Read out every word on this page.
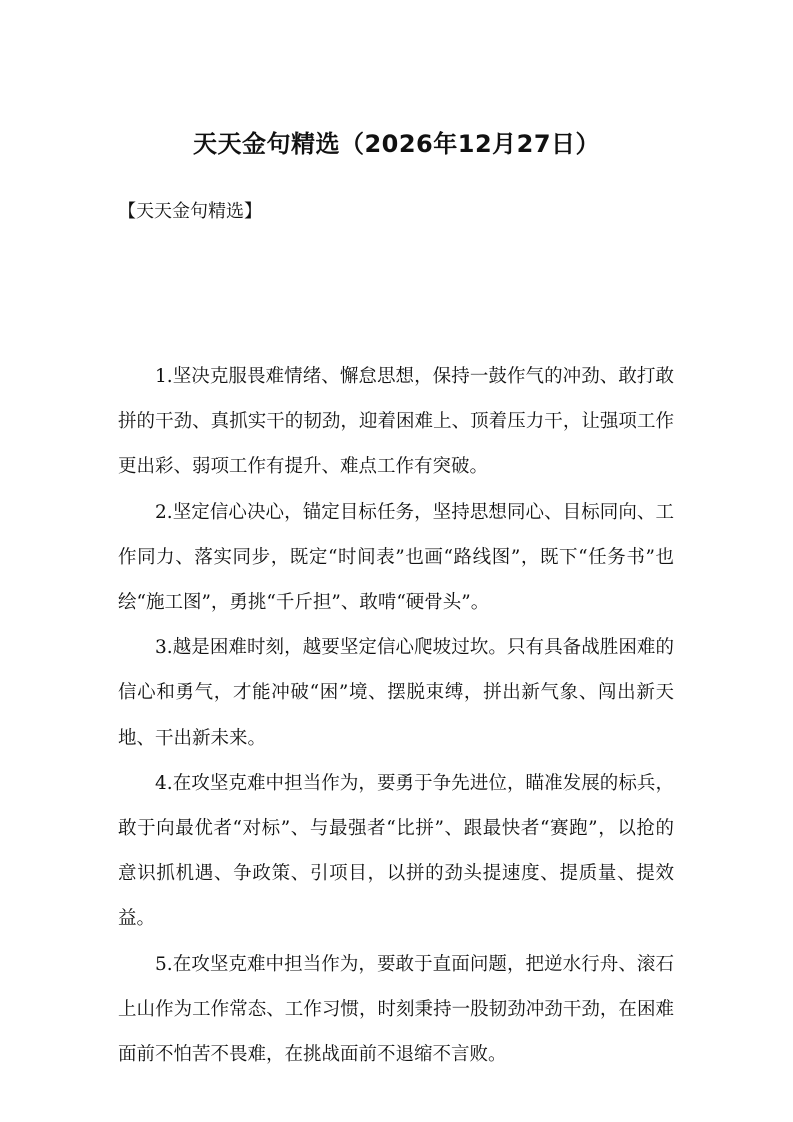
天天金句精选（2026年12月27日）
【天天金句精选】

1.坚决克服畏难情绪、懈怠思想，保持一鼓作气的冲劲、敢打敢拼的干劲、真抓实干的韧劲，迎着困难上、顶着压力干，让强项工作更出彩、弱项工作有提升、难点工作有突破。

2.坚定信心决心，锚定目标任务，坚持思想同心、目标同向、工作同力、落实同步，既定“时间表”也画“路线图”，既下“任务书”也绘“施工图”，勇挑“千斤担”、敢啃“硬骨头”。

3.越是困难时刻，越要坚定信心爬坡过坎。只有具备战胜困难的信心和勇气，才能冲破“困”境、摆脱束缚，拼出新气象、闯出新天地、干出新未来。

4.在攻坚克难中担当作为，要勇于争先进位，瞄准发展的标兵，敢于向最优者“对标”、与最强者“比拼”、跟最快者“赛跑”，以抢的意识抓机遇、争政策、引项目，以拼的劲头提速度、提质量、提效益。

5.在攻坚克难中担当作为，要敢于直面问题，把逆水行舟、滚石上山作为工作常态、工作习惯，时刻秉持一股韧劲冲劲干劲，在困难面前不怕苦不畏难，在挑战面前不退缩不言败。
